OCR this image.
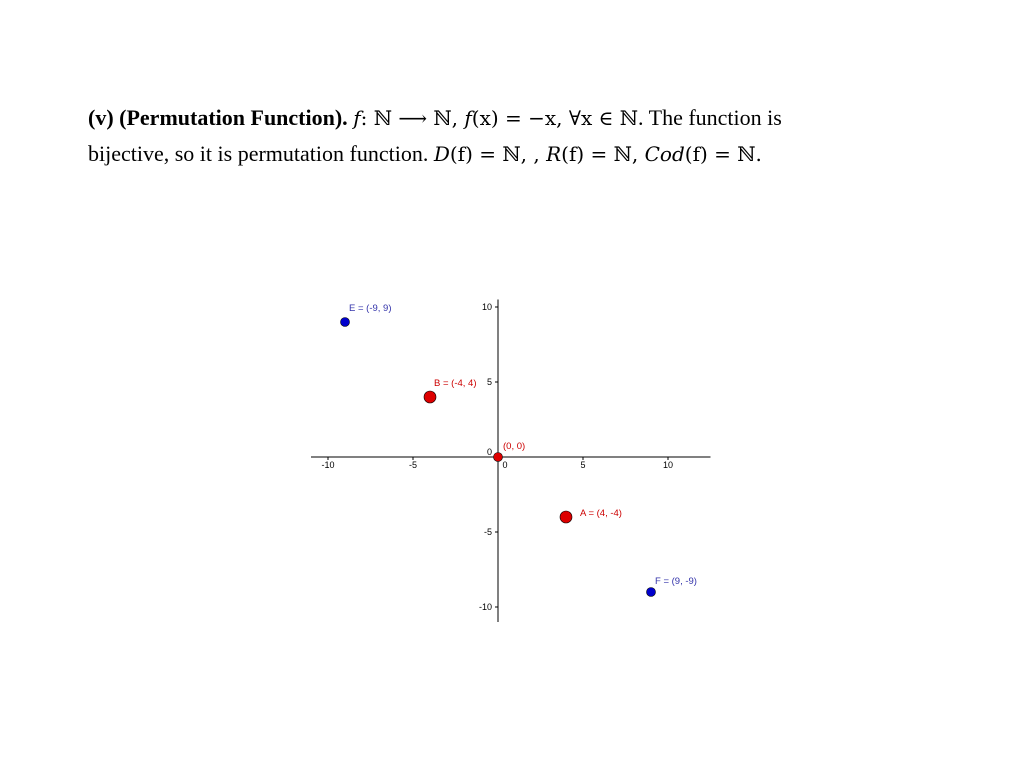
(v) (Permutation Function). f: ℕ ⟶ ℕ, f(x) = −x, ∀x ∈ ℕ. The function is
bijective, so it is permutation function. D(f) = ℕ, , R(f) = ℕ, Cod(f) = ℕ.
-10	-5	0	5	10
-10
-5
0
5
10
E = (-9, 9)
B = (-4, 4)
(0, 0)
A = (4, -4)
F = (9, -9)
